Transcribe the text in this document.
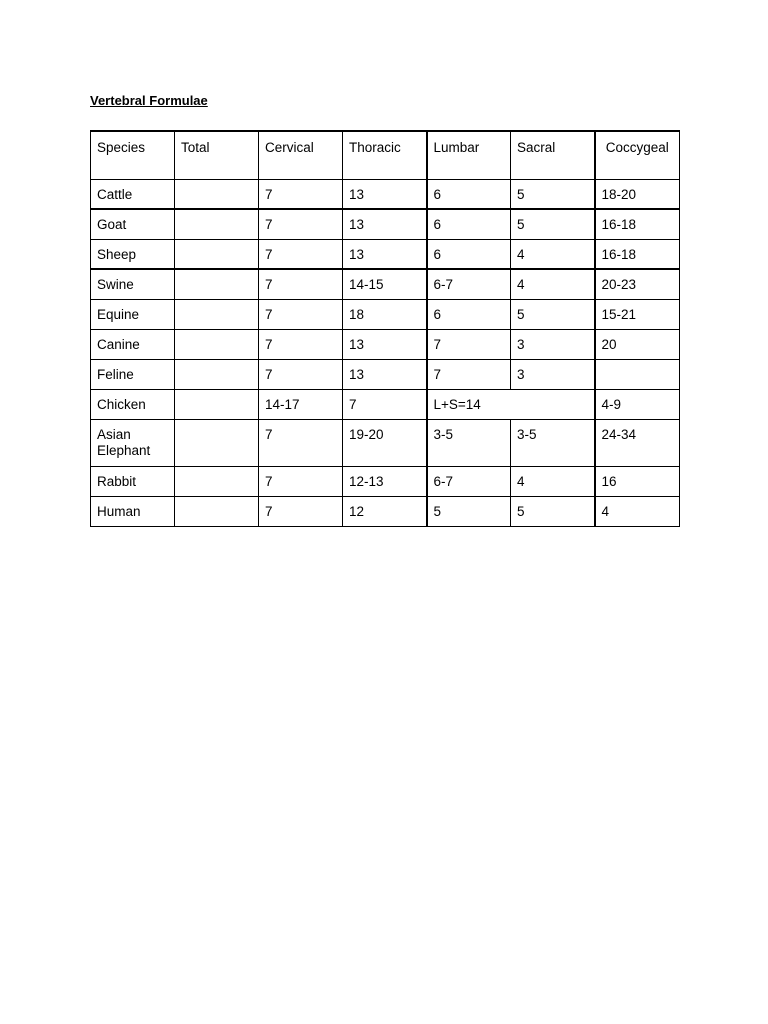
Vertebral Formulae
Species	Total	Cervical	Thoracic	Lumbar	Sacral	Coccygeal
Cattle		7	13	6	5	18-20
Goat		7	13	6	5	16-18
Sheep		7	13	6	4	16-18
Swine		7	14-15	6-7	4	20-23
Equine		7	18	6	5	15-21
Canine		7	13	7	3	20
Feline		7	13	7	3	
Chicken		14-17	7	L+S=14		4-9
Asian
Elephant		7	19-20	3-5	3-5	24-34
Rabbit		7	12-13	6-7	4	16
Human		7	12	5	5	4
